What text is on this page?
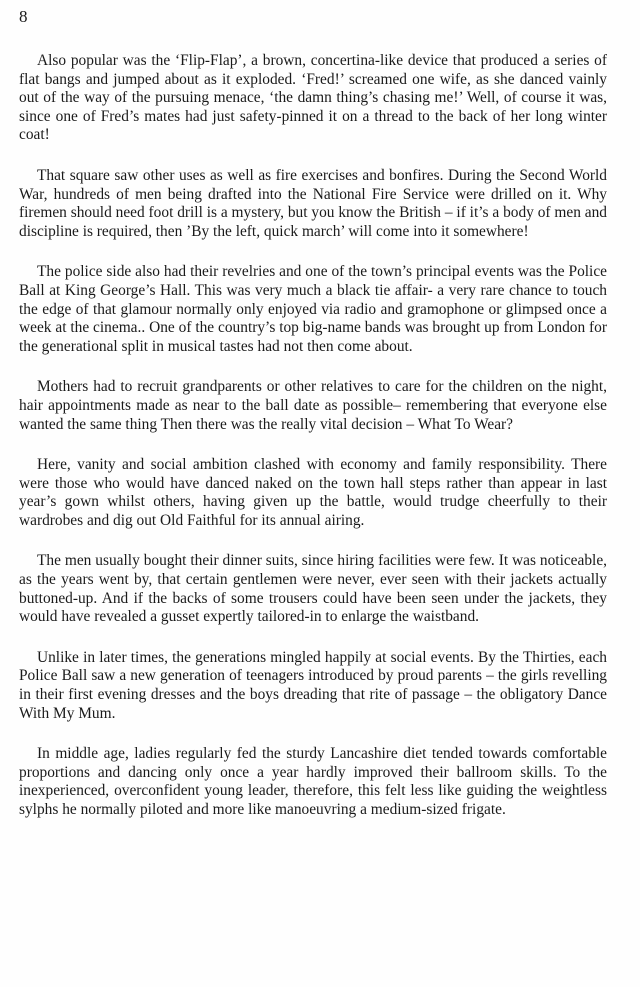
8

Also popular was the ‘Flip-Flap’, a brown, concertina-like device that produced a series of flat bangs and jumped about as it exploded. ‘Fred!’ screamed one wife, as she danced vainly out of the way of the pursuing menace, ‘the damn thing’s chasing me!’ Well, of course it was, since one of Fred’s mates had just safety-pinned it on a thread to the back of her long winter coat!

That square saw other uses as well as fire exercises and bonfires. During the Second World War, hundreds of men being drafted into the National Fire Service were drilled on it. Why firemen should need foot drill is a mystery, but you know the British – if it’s a body of men and discipline is required, then ’By the left, quick march’ will come into it somewhere!

The police side also had their revelries and one of the town’s principal events was the Police Ball at King George’s Hall. This was very much a black tie affair- a very rare chance to touch the edge of that glamour normally only enjoyed via radio and gramophone or glimpsed once a week at the cinema.. One of the country’s top big-name bands was brought up from London for the generational split in musical tastes had not then come about.

Mothers had to recruit grandparents or other relatives to care for the children on the night, hair appointments made as near to the ball date as possible– remembering that everyone else wanted the same thing Then there was the really vital decision – What To Wear?

Here, vanity and social ambition clashed with economy and family responsibility. There were those who would have danced naked on the town hall steps rather than appear in last year’s gown whilst others, having given up the battle, would trudge cheerfully to their wardrobes and dig out Old Faithful for its annual airing.

The men usually bought their dinner suits, since hiring facilities were few. It was noticeable, as the years went by, that certain gentlemen were never, ever seen with their jackets actually buttoned-up. And if the backs of some trousers could have been seen under the jackets, they would have revealed a gusset expertly tailored-in to enlarge the waistband.

Unlike in later times, the generations mingled happily at social events. By the Thirties, each Police Ball saw a new generation of teenagers introduced by proud parents – the girls revelling in their first evening dresses and the boys dreading that rite of passage – the obligatory Dance With My Mum.

In middle age, ladies regularly fed the sturdy Lancashire diet tended towards comfortable proportions and dancing only once a year hardly improved their ballroom skills. To the inexperienced, overconfident young leader, therefore, this felt less like guiding the weightless sylphs he normally piloted and more like manoeuvring a medium-sized frigate.
